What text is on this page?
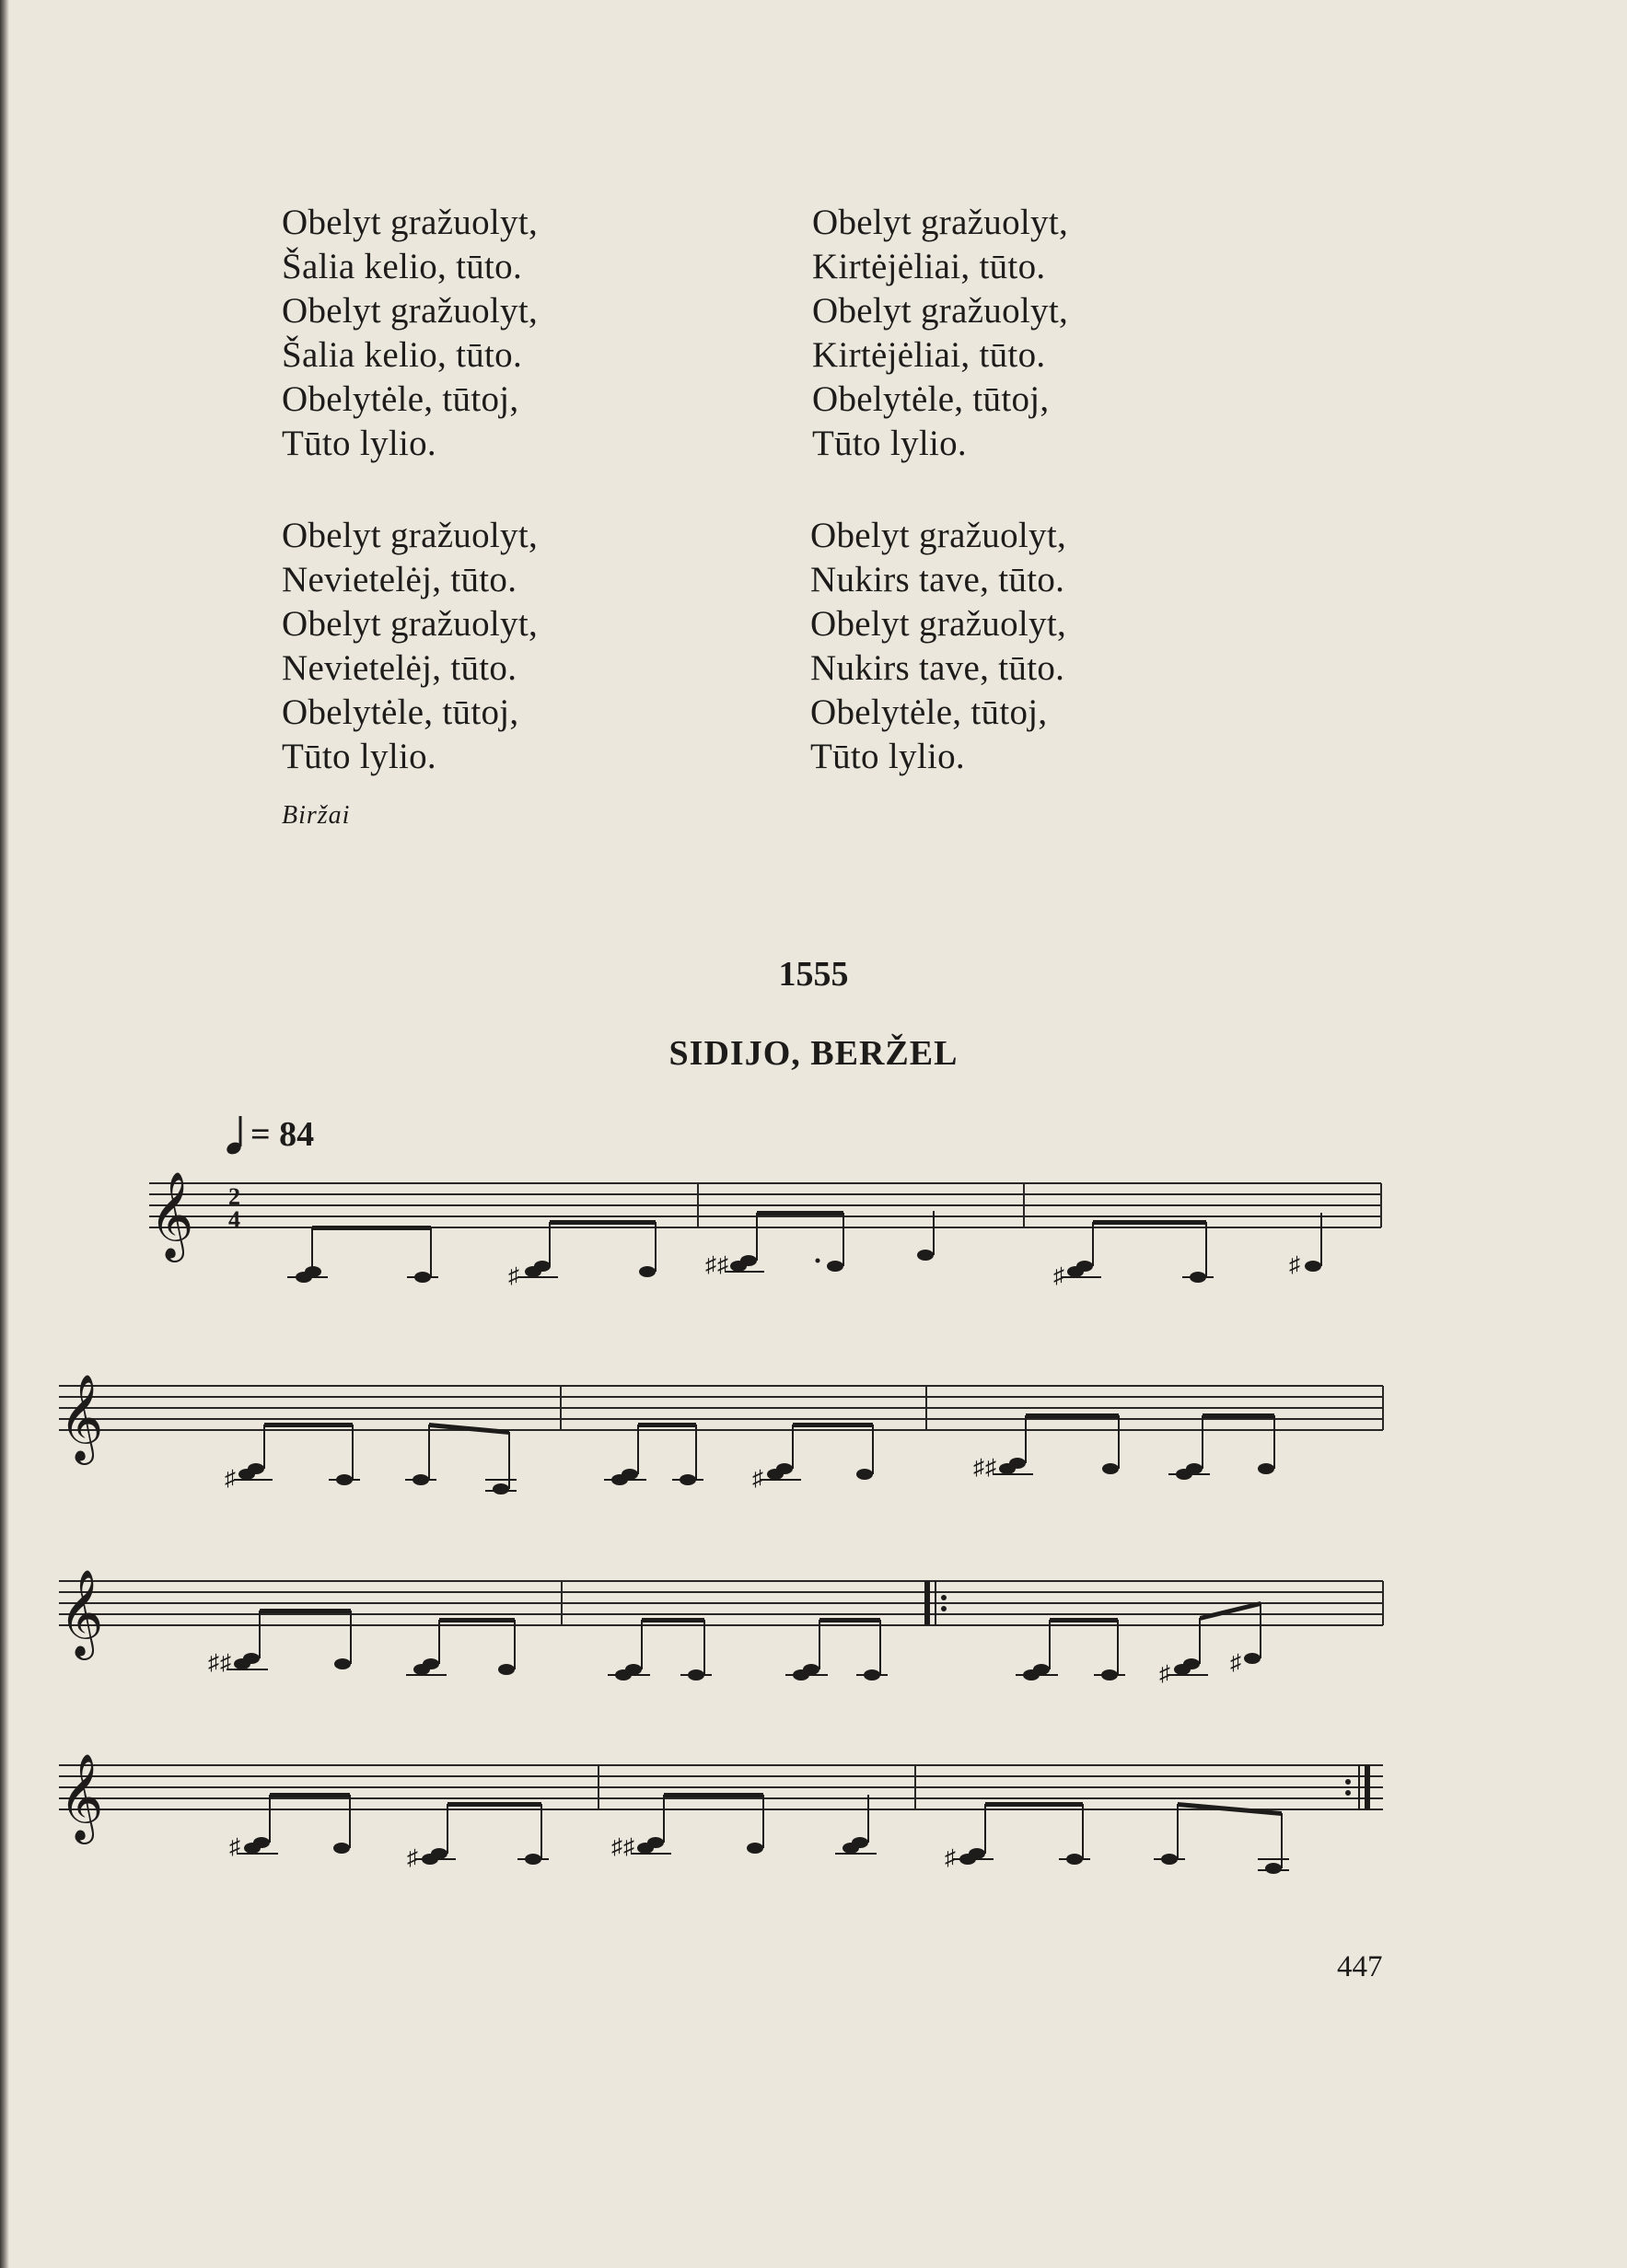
Obelyt gražuolyt,
Šalia kelio, tūto.
Obelyt gražuolyt,
Šalia kelio, tūto.
Obelytėle, tūtoj,
Tūto lylio.
Obelyt gražuolyt,
Kirtėjėliai, tūto.
Obelyt gražuolyt,
Kirtėjėliai, tūto.
Obelytėle, tūtoj,
Tūto lylio.
Obelyt gražuolyt,
Nevietelėj, tūto.
Obelyt gražuolyt,
Nevietelėj, tūto.
Obelytėle, tūtoj,
Tūto lylio.
Obelyt gražuolyt,
Nukirs tave, tūto.
Obelyt gražuolyt,
Nukirs tave, tūto.
Obelytėle, tūtoj,
Tūto lylio.
Biržai
1555
SIDIJO, BERŽEL
= 84
𝄞 2
4
♯	♯ ♯	♯	♯
𝄞
♯	♯	♯ ♯
𝄞
♯ ♯	♯	♯
𝄞
♯	♯	♯ ♯	♯
447
